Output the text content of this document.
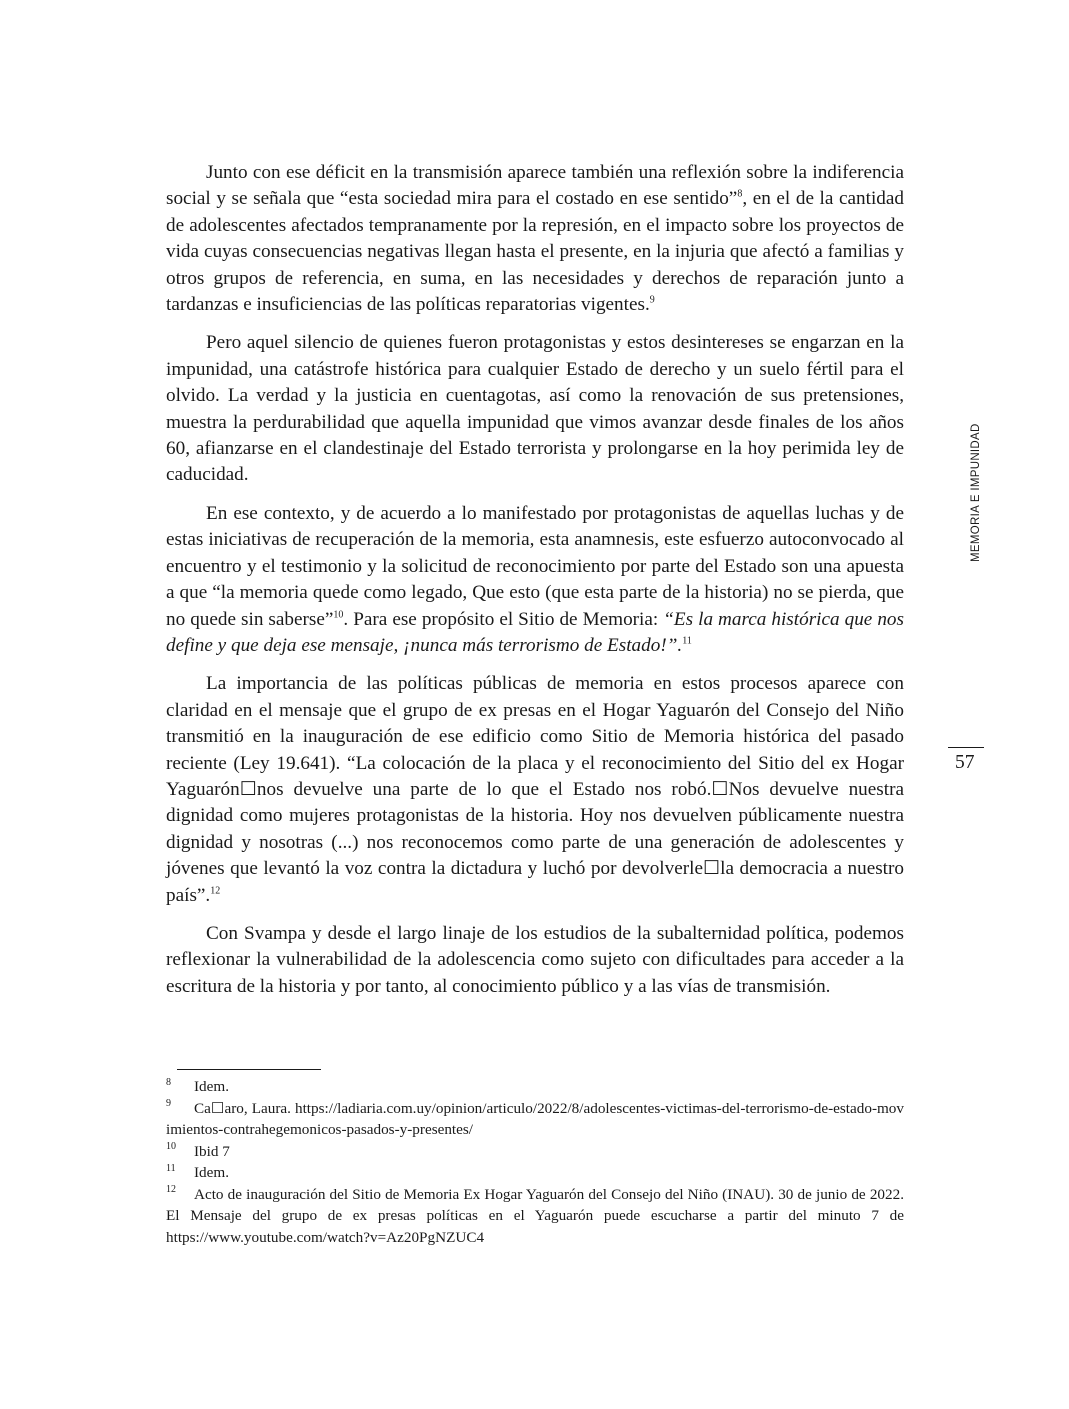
Junto con ese déficit en la transmisión aparece también una reflexión sobre la indiferencia social y se señala que “esta sociedad mira para el costado en ese sentido”$^8$, en el de la cantidad de adolescentes afectados tempranamente por la represión, en el impacto sobre los proyectos de vida cuyas consecuencias negativas llegan hasta el presente, en la injuria que afectó a familias y otros grupos de referencia, en suma, en las necesidades y derechos de reparación junto a tardanzas e insuficiencias de las políticas reparatorias vigentes.$^9$

Pero aquel silencio de quienes fueron protagonistas y estos desintereses se engarzan en la impunidad, una catástrofe histórica para cualquier Estado de derecho y un suelo fértil para el olvido. La verdad y la justicia en cuentagotas, así como la renovación de sus pretensiones, muestra la perdurabilidad que aquella impunidad que vimos avanzar desde finales de los años 60, afianzarse en el clandestinaje del Estado terrorista y prolongarse en la hoy perimida ley de caducidad.

En ese contexto, y de acuerdo a lo manifestado por protagonistas de aquellas luchas y de estas iniciativas de recuperación de la memoria, esta anamnesis, este esfuerzo autoconvocado al encuentro y el testimonio y la solicitud de reconocimiento por parte del Estado son una apuesta a que “la memoria quede como legado, Que esto (que esta parte de la historia) no se pierda, que no quede sin saberse”$^{10}$. Para ese propósito el Sitio de Memoria: “Es la marca histórica que nos define y que deja ese mensaje, ¡nunca más terrorismo de Estado!”.$^{11}$

La importancia de las políticas públicas de memoria en estos procesos aparece con claridad en el mensaje que el grupo de ex presas en el Hogar Yaguarón del Consejo del Niño transmitió en la inauguración de ese edificio como Sitio de Memoria histórica del pasado reciente (Ley 19.641). “La colocación de la placa y el reconocimiento del Sitio del ex Hogar Yaguarón☐nos devuelve una parte de lo que el Estado nos robó.☐Nos devuelve nuestra dignidad como mujeres protagonistas de la historia. Hoy nos devuelven públicamente nuestra dignidad y nosotras (...) nos reconocemos como parte de una generación de adolescentes y jóvenes que levantó la voz contra la dictadura y luchó por devolverle☐la democracia a nuestro país”.$^{12}$

Con Svampa y desde el largo linaje de los estudios de la subalternidad política, podemos reflexionar la vulnerabilidad de la adolescencia como sujeto con dificultades para acceder a la escritura de la historia y por tanto, al conocimiento público y a las vías de transmisión.

MEMORIA E IMPUNIDAD
57

8 Idem.

9 Ca☐aro, Laura. https://ladiaria.com.uy/opinion/articulo/2022/8/adolescentes-victimas-del-terrorismo-de-estado-movimientos-contrahegemonicos-pasados-y-presentes/

10 Ibid 7

11 Idem.

12 Acto de inauguración del Sitio de Memoria Ex Hogar Yaguarón del Consejo del Niño (INAU). 30 de junio de 2022. El Mensaje del grupo de ex presas políticas en el Yaguarón puede escucharse a partir del minuto 7 de https://www.youtube.com/watch?v=Az20PgNZUC4
